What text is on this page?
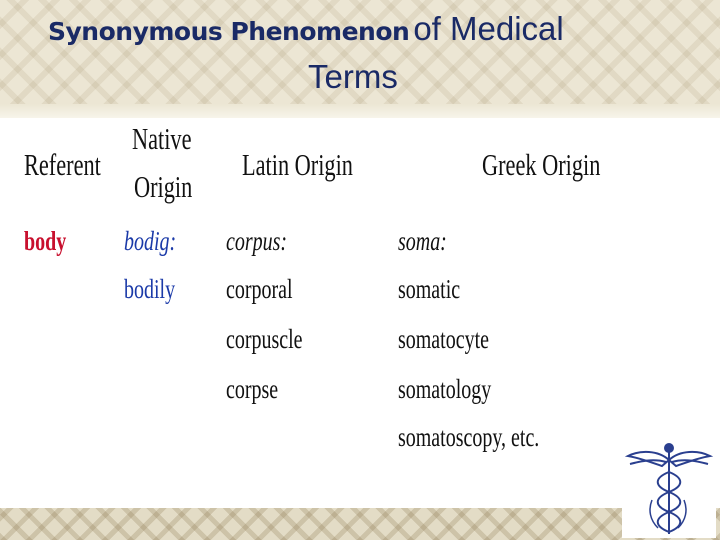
Synonymous Phenomenon of Medical
Terms
Referent
Native
Origin
Latin Origin	Greek Origin
body bodig:
bodily
corpus:
corporal
corpuscle
corpse
soma:
somatic
somatocyte
somatology
somatoscopy, etc.
